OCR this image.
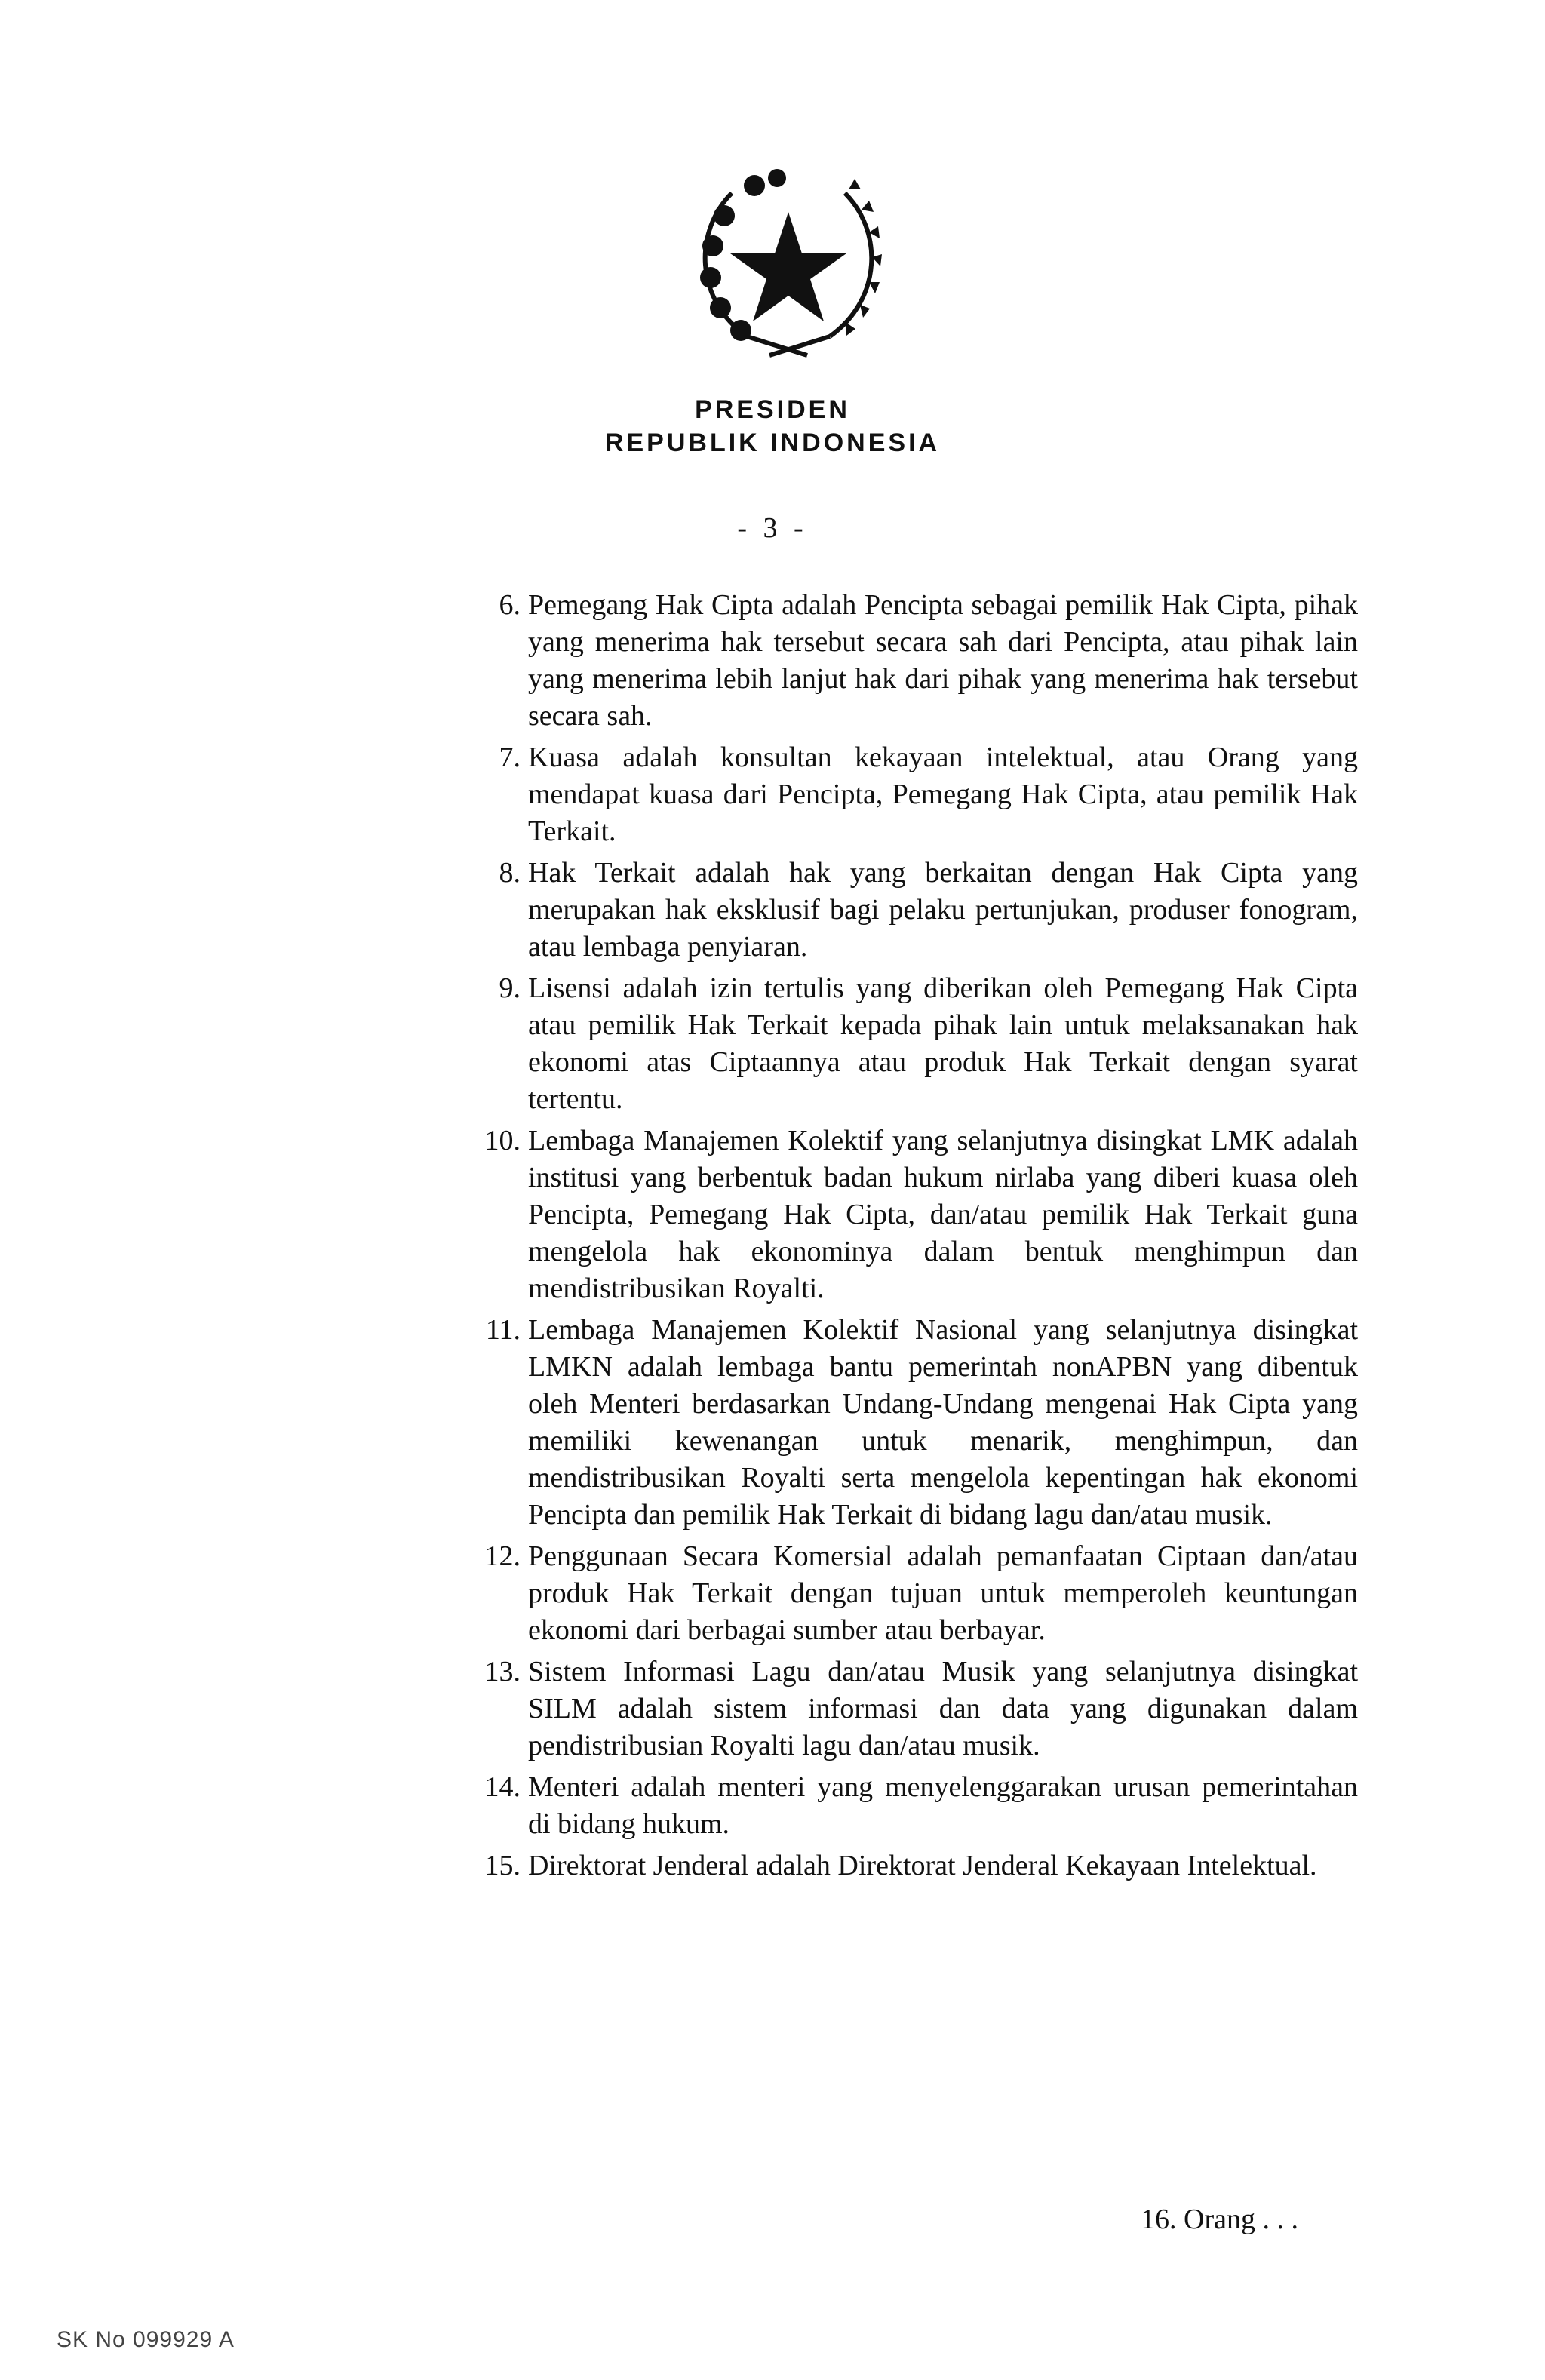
PRESIDEN
REPUBLIK INDONESIA
- 3 -
6. Pemegang Hak Cipta adalah Pencipta sebagai pemilik Hak Cipta, pihak yang menerima hak tersebut secara sah dari Pencipta, atau pihak lain yang menerima lebih lanjut hak dari pihak yang menerima hak tersebut secara sah.
7. Kuasa adalah konsultan kekayaan intelektual, atau Orang yang mendapat kuasa dari Pencipta, Pemegang Hak Cipta, atau pemilik Hak Terkait.
8. Hak Terkait adalah hak yang berkaitan dengan Hak Cipta yang merupakan hak eksklusif bagi pelaku pertunjukan, produser fonogram, atau lembaga penyiaran.
9. Lisensi adalah izin tertulis yang diberikan oleh Pemegang Hak Cipta atau pemilik Hak Terkait kepada pihak lain untuk melaksanakan hak ekonomi atas Ciptaannya atau produk Hak Terkait dengan syarat tertentu.
10. Lembaga Manajemen Kolektif yang selanjutnya disingkat LMK adalah institusi yang berbentuk badan hukum nirlaba yang diberi kuasa oleh Pencipta, Pemegang Hak Cipta, dan/atau pemilik Hak Terkait guna mengelola hak ekonominya dalam bentuk menghimpun dan mendistribusikan Royalti.
11. Lembaga Manajemen Kolektif Nasional yang selanjutnya disingkat LMKN adalah lembaga bantu pemerintah nonAPBN yang dibentuk oleh Menteri berdasarkan Undang-Undang mengenai Hak Cipta yang memiliki kewenangan untuk menarik, menghimpun, dan mendistribusikan Royalti serta mengelola kepentingan hak ekonomi Pencipta dan pemilik Hak Terkait di bidang lagu dan/atau musik.
12. Penggunaan Secara Komersial adalah pemanfaatan Ciptaan dan/atau produk Hak Terkait dengan tujuan untuk memperoleh keuntungan ekonomi dari berbagai sumber atau berbayar.
13. Sistem Informasi Lagu dan/atau Musik yang selanjutnya disingkat SILM adalah sistem informasi dan data yang digunakan dalam pendistribusian Royalti lagu dan/atau musik.
14. Menteri adalah menteri yang menyelenggarakan urusan pemerintahan di bidang hukum.
15. Direktorat Jenderal adalah Direktorat Jenderal Kekayaan Intelektual.
16. Orang . . .
SK No 099929 A
